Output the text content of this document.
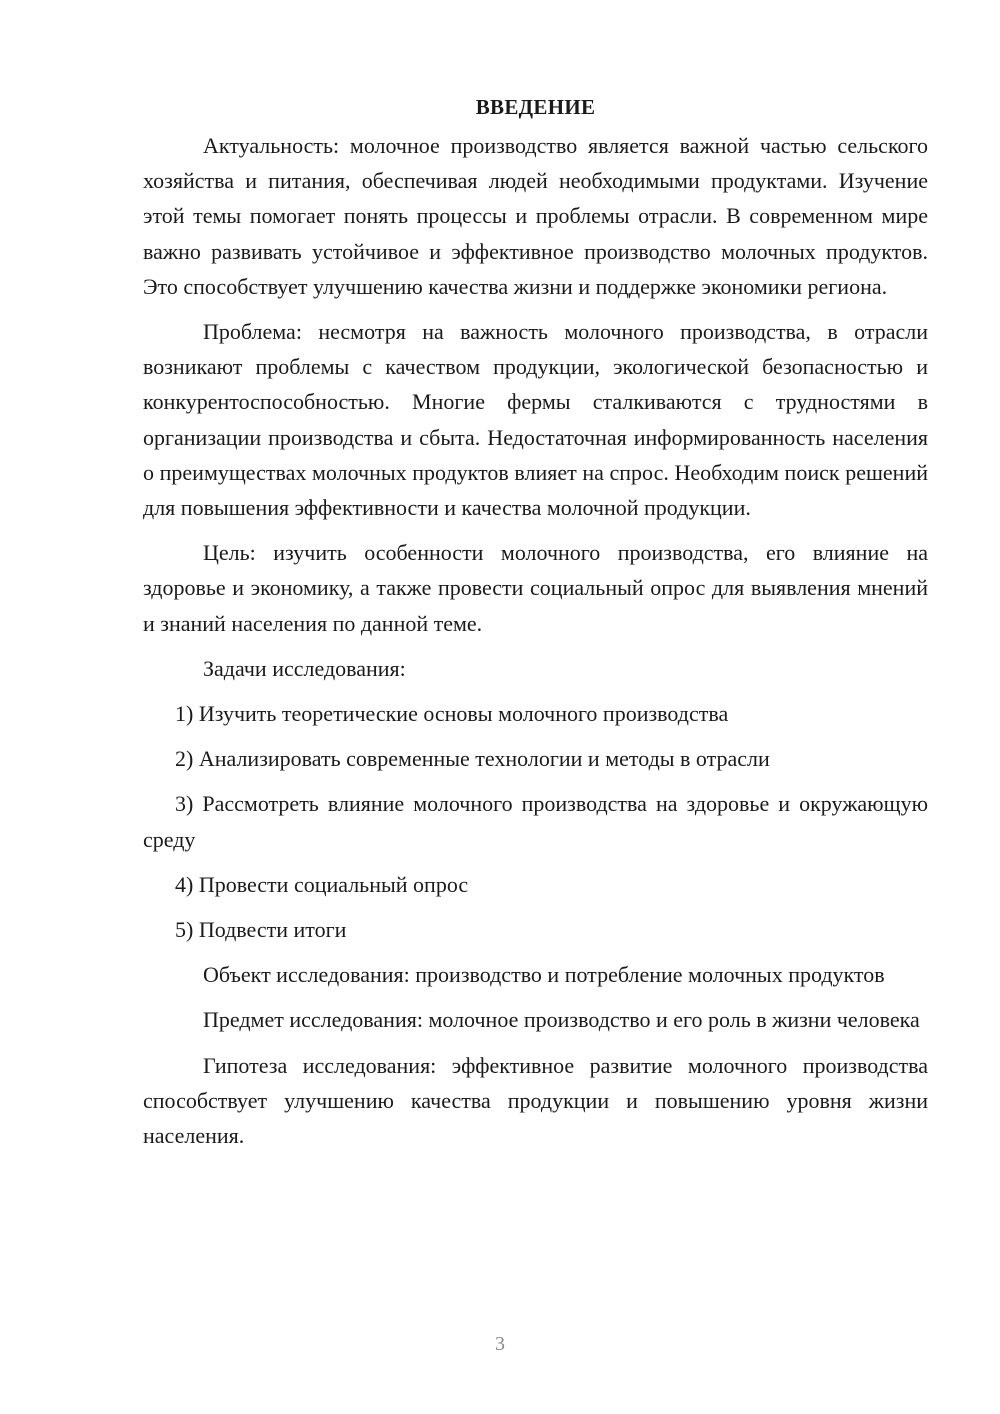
ВВЕДЕНИЕ

Актуальность: молочное производство является важной частью сельского хозяйства и питания, обеспечивая людей необходимыми продуктами. Изучение этой темы помогает понять процессы и проблемы отрасли. В современном мире важно развивать устойчивое и эффективное производство молочных продуктов. Это способствует улучшению качества жизни и поддержке экономики региона.

Проблема: несмотря на важность молочного производства, в отрасли возникают проблемы с качеством продукции, экологической безопасностью и конкурентоспособностью. Многие фермы сталкиваются с трудностями в организации производства и сбыта. Недостаточная информированность населения о преимуществах молочных продуктов влияет на спрос. Необходим поиск решений для повышения эффективности и качества молочной продукции.

Цель: изучить особенности молочного производства, его влияние на здоровье и экономику, а также провести социальный опрос для выявления мнений и знаний населения по данной теме.

Задачи исследования:

1) Изучить теоретические основы молочного производства

2) Анализировать современные технологии и методы в отрасли

3) Рассмотреть влияние молочного производства на здоровье и окружающую среду

4) Провести социальный опрос

5) Подвести итоги

Объект исследования: производство и потребление молочных продуктов

Предмет исследования: молочное производство и его роль в жизни человека

Гипотеза исследования: эффективное развитие молочного производства способствует улучшению качества продукции и повышению уровня жизни населения.

3
